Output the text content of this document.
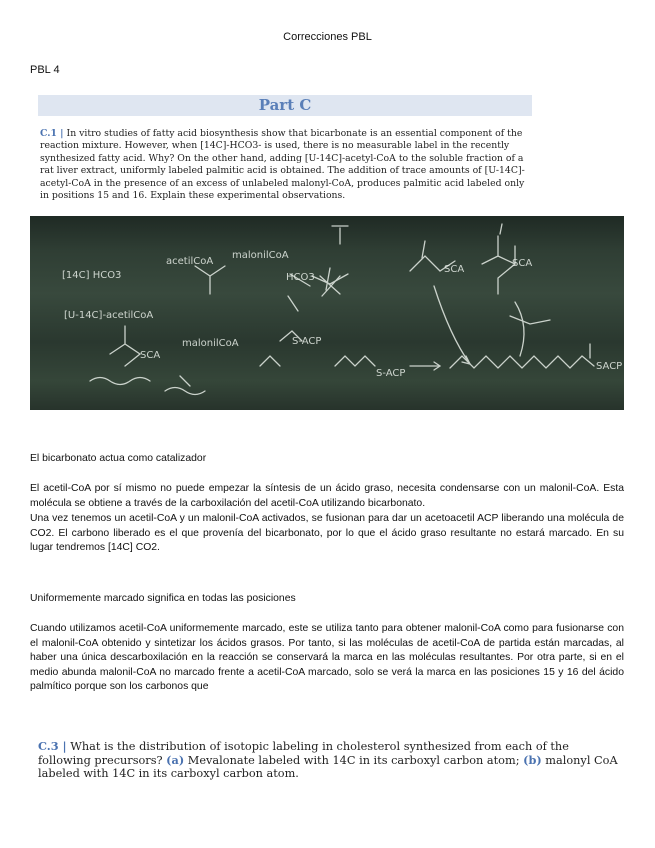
Correcciones PBL
PBL 4
Part C
C.1 | In vitro studies of fatty acid biosynthesis show that bicarbonate is an essential component of the reaction mixture. However, when [14C]-HCO3- is used, there is no measurable label in the recently synthesized fatty acid. Why? On the other hand, adding [U-14C]-acetyl-CoA to the soluble fraction of a rat liver extract, uniformly labeled palmitic acid is obtained. The addition of trace amounts of [U-14C]-acetyl-CoA in the presence of an excess of unlabeled malonyl-CoA, produces palmitic acid labeled only in positions 15 and 16. Explain these experimental observations.
[14C] HCO3
[U-14C]-acetilCoA
acetilCoA
malonilCoA
malonilCoA
HCO3
SCA
SCA
SCA
S-ACP
S-ACP
SACP
El bicarbonato actua como catalizador
El acetil-CoA por sí mismo no puede empezar la síntesis de un ácido graso, necesita condensarse con un malonil-CoA. Esta molécula se obtiene a través de la carboxilación del acetil-CoA utilizando bicarbonato.
Una vez tenemos un acetil-CoA y un malonil-CoA activados, se fusionan para dar un acetoacetil ACP liberando una molécula de CO2. El carbono liberado es el que provenía del bicarbonato, por lo que el ácido graso resultante no estará marcado. En su lugar tendremos [14C] CO2.
Uniformemente marcado significa en todas las posiciones
Cuando utilizamos acetil-CoA uniformemente marcado, este se utiliza tanto para obtener malonil-CoA como para fusionarse con el malonil-CoA obtenido y sintetizar los ácidos grasos. Por tanto, si las moléculas de acetil-CoA de partida están marcadas, al haber una única descarboxilación en la reacción se conservará la marca en las moléculas resultantes. Por otra parte, si en el medio abunda malonil-CoA no marcado frente a acetil-CoA marcado, solo se verá la marca en las posiciones 15 y 16 del ácido palmítico porque son los carbonos que
C.3 | What is the distribution of isotopic labeling in cholesterol synthesized from each of the following precursors? (a) Mevalonate labeled with 14C in its carboxyl carbon atom; (b) malonyl CoA labeled with 14C in its carboxyl carbon atom.
